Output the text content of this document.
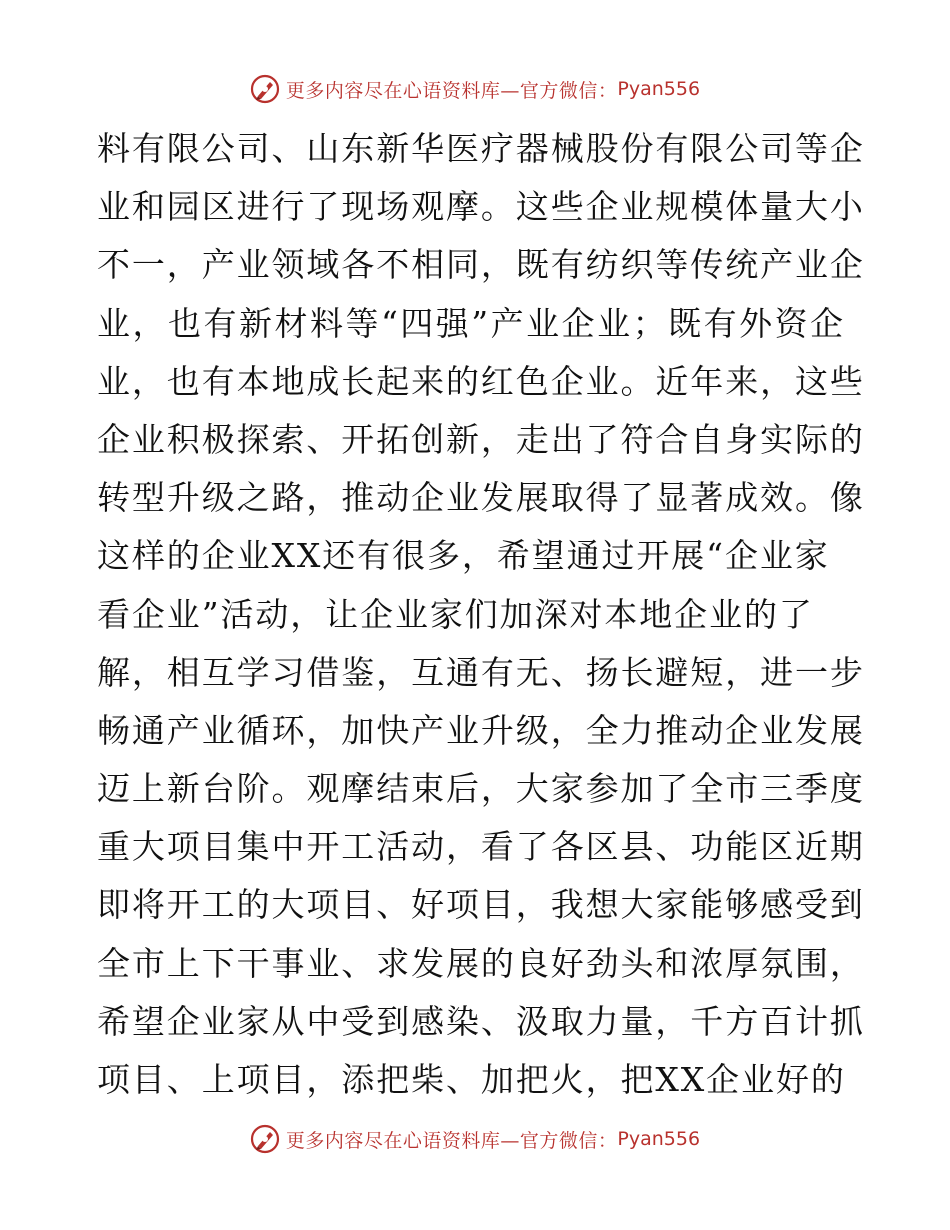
更多内容尽在心语资料库—官方微信： Pyan556
料有限公司、山东新华医疗器械股份有限公司等企
业和园区进行了现场观摩。这些企业规模体量大小
不一，产业领域各不相同，既有纺织等传统产业企
业，也有新材料等“四强”产业企业；既有外资企
业，也有本地成长起来的红色企业。近年来，这些
企业积极探索、开拓创新，走出了符合自身实际的
转型升级之路，推动企业发展取得了显著成效。像
这样的企业XX还有很多，希望通过开展“企业家
看企业”活动，让企业家们加深对本地企业的了
解，相互学习借鉴，互通有无、扬长避短，进一步
畅通产业循环，加快产业升级，全力推动企业发展
迈上新台阶。观摩结束后，大家参加了全市三季度
重大项目集中开工活动，看了各区县、功能区近期
即将开工的大项目、好项目，我想大家能够感受到
全市上下干事业、求发展的良好劲头和浓厚氛围，
希望企业家从中受到感染、汲取力量，千方百计抓
项目、上项目，添把柴、加把火，把XX企业好的
更多内容尽在心语资料库—官方微信： Pyan556
